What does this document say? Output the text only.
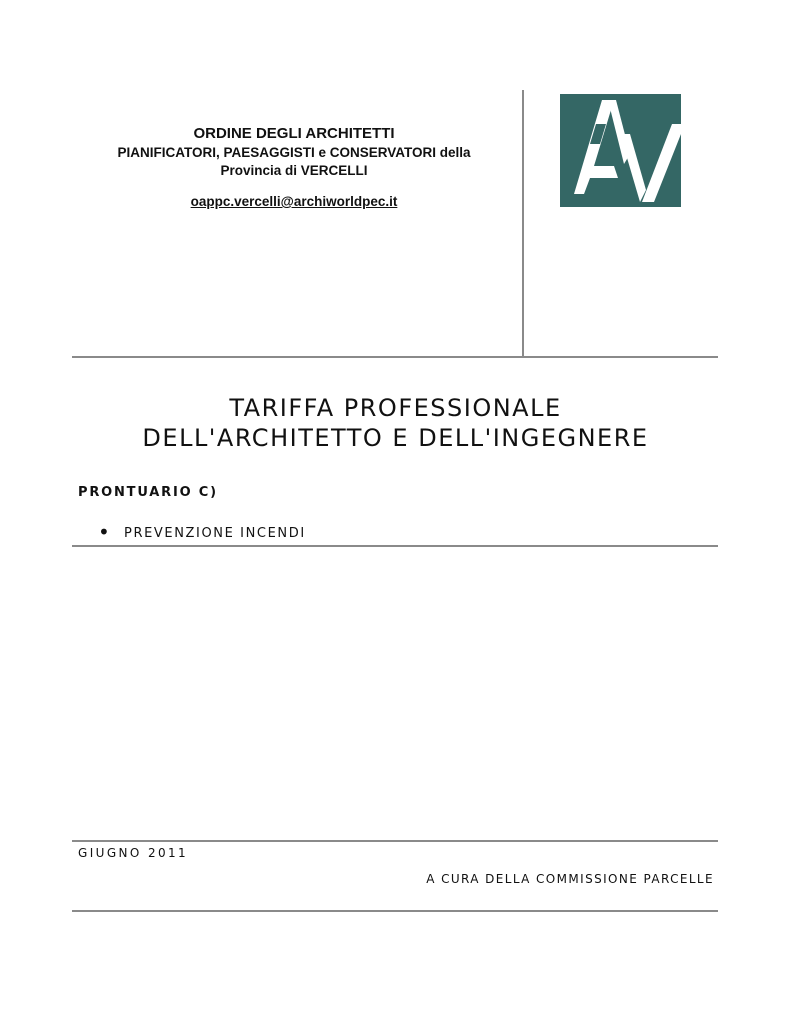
ORDINE DEGLI ARCHITETTI
PIANIFICATORI, PAESAGGISTI e CONSERVATORI della
Provincia di VERCELLI
oappc.vercelli@archiworldpec.it
TARIFFA PROFESSIONALE
DELL'ARCHITETTO E DELL'INGEGNERE
PRONTUARIO C)
• PREVENZIONE INCENDI
GIUGNO 2011
A CURA DELLA COMMISSIONE PARCELLE
